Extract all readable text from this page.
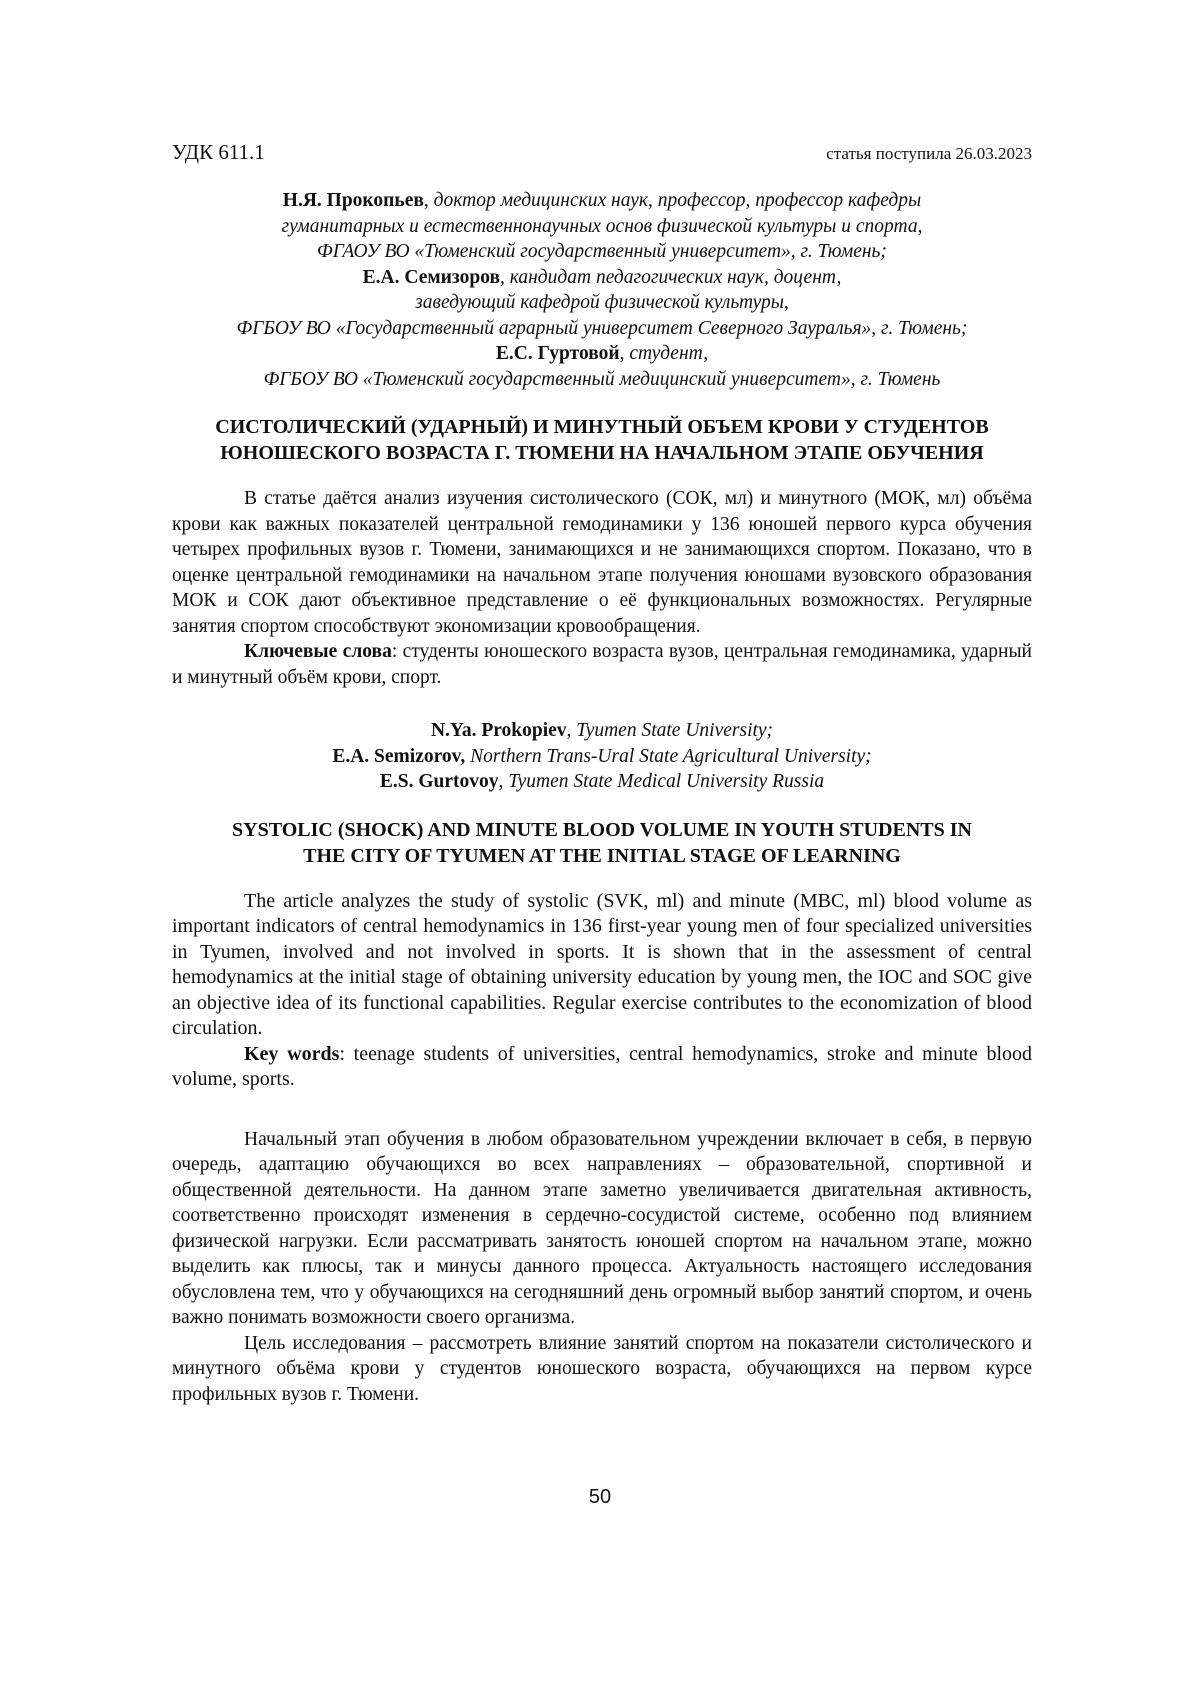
УДК 611.1	статья поступила 26.03.2023
Н.Я. Прокопьев, доктор медицинских наук, профессор, профессор кафедры
гуманитарных и естественнонаучных основ физической культуры и спорта,
ФГАОУ ВО «Тюменский государственный университет», г. Тюмень;
Е.А. Семизоров, кандидат педагогических наук, доцент,
заведующий кафедрой физической культуры,
ФГБОУ ВО «Государственный аграрный университет Северного Зауралья», г. Тюмень;
Е.С. Гуртовой, студент,
ФГБОУ ВО «Тюменский государственный медицинский университет», г. Тюмень
СИСТОЛИЧЕСКИЙ (УДАРНЫЙ) И МИНУТНЫЙ ОБЪЕМ КРОВИ У СТУДЕНТОВ
ЮНОШЕСКОГО ВОЗРАСТА Г. ТЮМЕНИ НА НАЧАЛЬНОМ ЭТАПЕ ОБУЧЕНИЯ

В статье даётся анализ изучения систолического (СОК, мл) и минутного (МОК, мл) объёма крови как важных показателей центральной гемодинамики у 136 юношей первого курса обучения четырех профильных вузов г. Тюмени, занимающихся и не занимающихся спортом. Показано, что в оценке центральной гемодинамики на начальном этапе получения юношами вузовского образования МОК и СОК дают объективное представление о её функциональных возможностях. Регулярные занятия спортом способствуют экономизации кровообращения.

Ключевые слова: студенты юношеского возраста вузов, центральная гемодинамика, ударный и минутный объём крови, спорт.

N.Ya. Prokopiev, Tyumen State University;
E.A. Semizorov, Northern Trans-Ural State Agricultural University;
E.S. Gurtovoy, Tyumen State Medical University Russia
SYSTOLIC (SHOCK) AND MINUTE BLOOD VOLUME IN YOUTH STUDENTS IN
THE CITY OF TYUMEN AT THE INITIAL STAGE OF LEARNING

The article analyzes the study of systolic (SVK, ml) and minute (MBC, ml) blood volume as important indicators of central hemodynamics in 136 first-year young men of four specialized universities in Tyumen, involved and not involved in sports. It is shown that in the assessment of central hemodynamics at the initial stage of obtaining university education by young men, the IOC and SOC give an objective idea of its functional capabilities. Regular exercise contributes to the economization of blood circulation.

Key words: teenage students of universities, central hemodynamics, stroke and minute blood volume, sports.

Начальный этап обучения в любом образовательном учреждении включает в себя, в первую очередь, адаптацию обучающихся во всех направлениях – образовательной, спортивной и общественной деятельности. На данном этапе заметно увеличивается двигательная активность, соответственно происходят изменения в сердечно-сосудистой системе, особенно под влиянием физической нагрузки. Если рассматривать занятость юношей спортом на начальном этапе, можно выделить как плюсы, так и минусы данного процесса. Актуальность настоящего исследования обусловлена тем, что у обучающихся на сегодняшний день огромный выбор занятий спортом, и очень важно понимать возможности своего организма.

Цель исследования – рассмотреть влияние занятий спортом на показатели систолического и минутного объёма крови у студентов юношеского возраста, обучающихся на первом курсе профильных вузов г. Тюмени.

50
